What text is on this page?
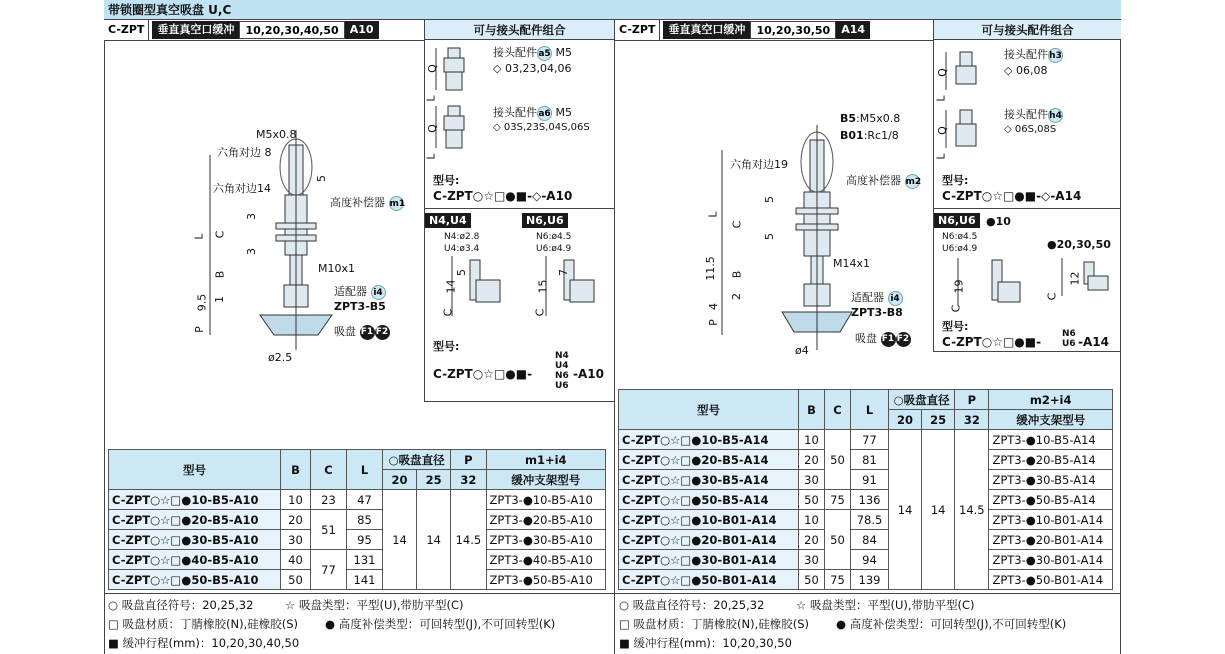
带锁圈型真空吸盘 U,C
C-ZPT	垂直真空口缓冲	10,20,30,40,50	A10	可与接头配件组合
Q
L
Q
L
接头配件a5 M5
◇ 03,23,04,06
接头配件a6 M5
◇ 03S,23S,04S,06S
型号:
C-ZPT○☆□●■-◇-A10
N4,U4	N6,U6
N4:ø2.8
U4:ø3.4
N6:ø4.5
U6:ø4.9
5
14
C
7
15
C
型号:
C-ZPT○☆□●■-
N4
U4
N6
U6
-A10
M5x0.8
六角对边 8
六角对边14
高度补偿器 m1
M10x1
适配器 i4
ZPT3-B5
吸盘 F1 F2
ø2.5
L C
B
P
3
3
5
9.5 1
型号	B	C	L	○吸盘直径		P	m1+i4
				20	25	32	缓冲支架型号
C-ZPT○☆□●10-B5-A10	10	23	47	14	14	14.5	ZPT3-●10-B5-A10
C-ZPT○☆□●20-B5-A10	20	51	85				ZPT3-●20-B5-A10
C-ZPT○☆□●30-B5-A10	30		95				ZPT3-●30-B5-A10
C-ZPT○☆□●40-B5-A10	40	77	131				ZPT3-●40-B5-A10
C-ZPT○☆□●50-B5-A10	50		141				ZPT3-●50-B5-A10
○ 吸盘直径符号：20,25,32	☆ 吸盘类型：平型(U),带肋平型(C)
□ 吸盘材质：丁腈橡胶(N),硅橡胶(S) ● 高度补偿类型：可回转型(J),不可回转型(K)
■ 缓冲行程(mm)：10,20,30,40,50
C-ZPT	垂直真空口缓冲	10,20,30,50	A14	可与接头配件组合
Q
L
Q
L
接头配件h3
◇ 06,08
接头配件h4
◇ 06S,08S
型号:
C-ZPT○☆□●■-◇-A14
N6,U6 ●10
●20,30,50
N6:ø4.5
U6:ø4.9
19
C
12
C
型号:
C-ZPT○☆□●■-
N6
U6 -A14
B5:M5x0.8
B01:Rc1/8
六角对边19
高度补偿器 m2
M14x1
适配器 i4
ZPT3-B8
吸盘 F1 F2
ø4
L
C
B
P
5
5
11.5
2
4
型号	B	C	L	○吸盘直径		P	m2+i4
				20	25	32	缓冲支架型号
C-ZPT○☆□●10-B5-A14	10	50	77	14	14	14.5	ZPT3-●10-B5-A14
C-ZPT○☆□●20-B5-A14	20		81				ZPT3-●20-B5-A14
C-ZPT○☆□●30-B5-A14	30		91				ZPT3-●30-B5-A14
C-ZPT○☆□●50-B5-A14	50	75	136				ZPT3-●50-B5-A14
C-ZPT○☆□●10-B01-A14	10	50	78.5				ZPT3-●10-B01-A14
C-ZPT○☆□●20-B01-A14	20		84				ZPT3-●20-B01-A14
C-ZPT○☆□●30-B01-A14	30		94				ZPT3-●30-B01-A14
C-ZPT○☆□●50-B01-A14	50	75	139				ZPT3-●50-B01-A14
○ 吸盘直径符号：20,25,32	☆ 吸盘类型：平型(U),带肋平型(C)
□ 吸盘材质：丁腈橡胶(N),硅橡胶(S) ● 高度补偿类型：可回转型(J),不可回转型(K)
■ 缓冲行程(mm)：10,20,30,50
